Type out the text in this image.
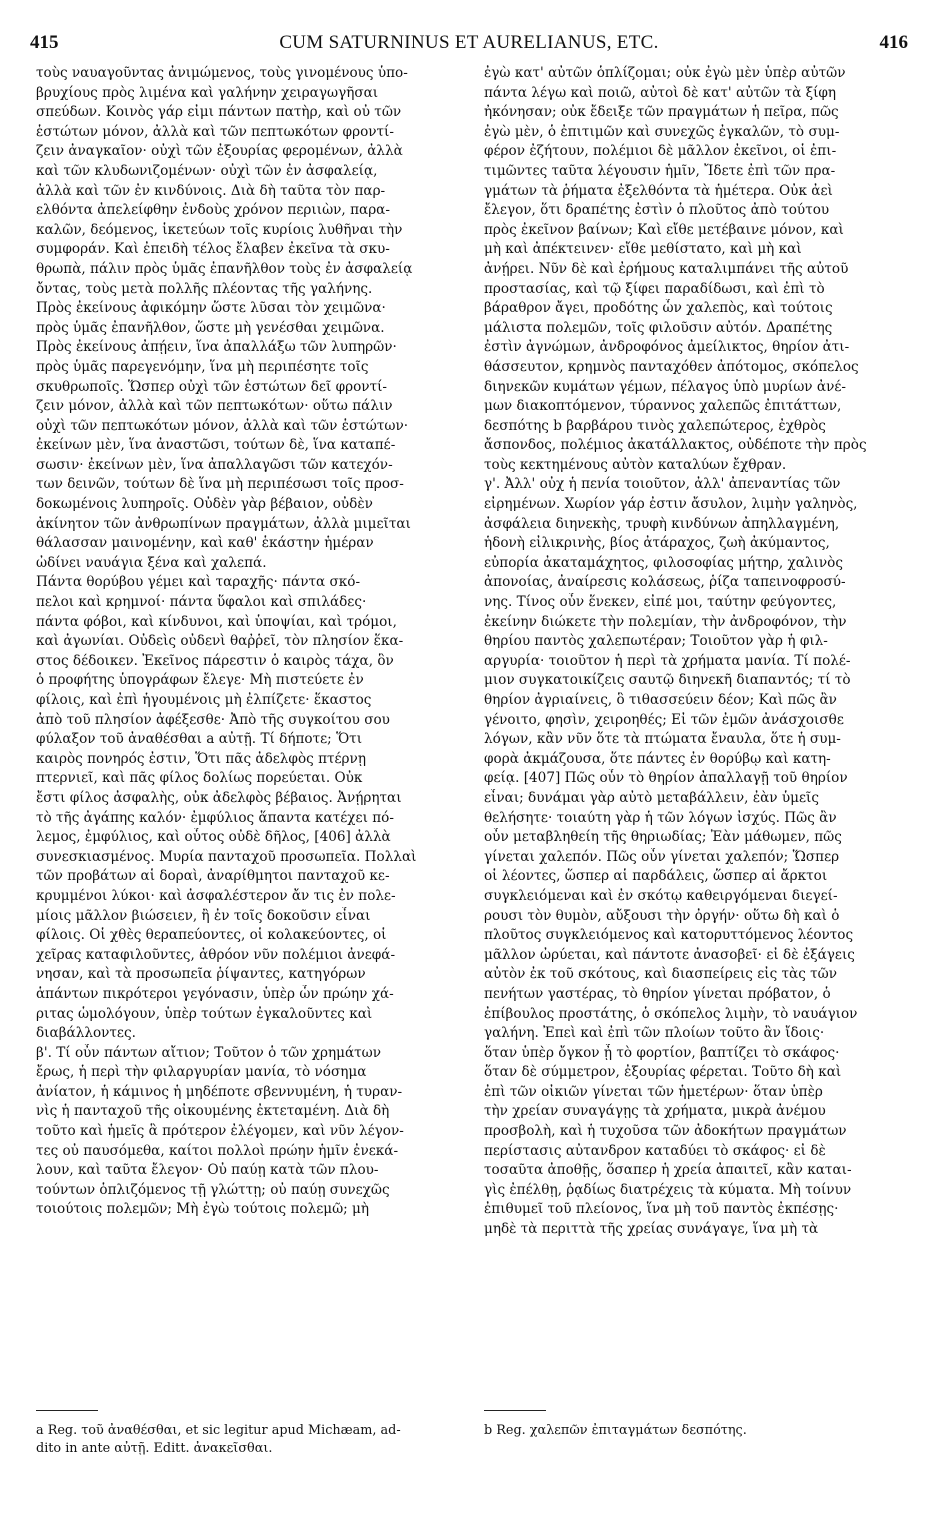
415	CUM SATURNINUS ET AURELIANUS, ETC.	416
τοὺς ναυαγοῦντας ἀνιμώμενος, τοὺς γινομένους ὑπο-
βρυχίους πρὸς λιμένα καὶ γαλήνην χειραγωγῆσαι
σπεύδων. Κοινὸς γάρ εἰμι πάντων πατὴρ, καὶ οὐ τῶν
ἑστώτων μόνον, ἀλλὰ καὶ τῶν πεπτωκότων φροντί-
ζειν ἀναγκαῖον· οὐχὶ τῶν ἐξουρίας φερομένων, ἀλλὰ
καὶ τῶν κλυδωνιζομένων· οὐχὶ τῶν ἐν ἀσφαλείᾳ,
ἀλλὰ καὶ τῶν ἐν κινδύνοις. Διὰ δὴ ταῦτα τὸν παρ-
ελθόντα ἀπελείφθην ἐνδοὺς χρόνον περιιὼν, παρα-
καλῶν, δεόμενος, ἱκετεύων τοῖς κυρίοις λυθῆναι τὴν
συμφοράν. Καὶ ἐπειδὴ τέλος ἔλαβεν ἐκεῖνα τὰ σκυ-
θρωπὰ, πάλιν πρὸς ὑμᾶς ἐπανῆλθον τοὺς ἐν ἀσφαλείᾳ
ὄντας, τοὺς μετὰ πολλῆς πλέοντας τῆς γαλήνης.
Πρὸς ἐκείνους ἀφικόμην ὥστε λῦσαι τὸν χειμῶνα·
πρὸς ὑμᾶς ἐπανῆλθον, ὥστε μὴ γενέσθαι χειμῶνα.
Πρὸς ἐκείνους ἀπῄειν, ἵνα ἀπαλλάξω τῶν λυπηρῶν·
πρὸς ὑμᾶς παρεγενόμην, ἵνα μὴ περιπέσητε τοῖς
σκυθρωποῖς. Ὥσπερ οὐχὶ τῶν ἑστώτων δεῖ φροντί-
ζειν μόνον, ἀλλὰ καὶ τῶν πεπτωκότων· οὕτω πάλιν
οὐχὶ τῶν πεπτωκότων μόνον, ἀλλὰ καὶ τῶν ἑστώτων·
ἐκείνων μὲν, ἵνα ἀναστῶσι, τούτων δὲ, ἵνα καταπέ-
σωσιν· ἐκείνων μὲν, ἵνα ἀπαλλαγῶσι τῶν κατεχόν-
των δεινῶν, τούτων δὲ ἵνα μὴ περιπέσωσι τοῖς προσ-
δοκωμένοις λυπηροῖς. Οὐδὲν γὰρ βέβαιον, οὐδὲν
ἀκίνητον τῶν ἀνθρωπίνων πραγμάτων, ἀλλὰ μιμεῖται
θάλασσαν μαινομένην, καὶ καθ' ἑκάστην ἡμέραν
ὠδίνει ναυάγια ξένα καὶ χαλεπά.
Πάντα θορύβου γέμει καὶ ταραχῆς· πάντα σκό-
πελοι καὶ κρημνοί· πάντα ὕφαλοι καὶ σπιλάδες·
πάντα φόβοι, καὶ κίνδυνοι, καὶ ὑποψίαι, καὶ τρόμοι,
καὶ ἀγωνίαι. Οὐδεὶς οὐδενὶ θαῤῥεῖ, τὸν πλησίον ἕκα-
στος δέδοικεν. Ἐκεῖνος πάρεστιν ὁ καιρὸς τάχα, ὃν
ὁ προφήτης ὑπογράφων ἔλεγε· Μὴ πιστεύετε ἐν
φίλοις, καὶ ἐπὶ ἡγουμένοις μὴ ἐλπίζετε· ἕκαστος
ἀπὸ τοῦ πλησίον ἀφέξεσθε· Ἀπὸ τῆς συγκοίτου σου
φύλαξον τοῦ ἀναθέσθαι a αὐτῇ. Τί δήποτε; Ὅτι
καιρὸς πονηρός ἐστιν, Ὅτι πᾶς ἀδελφὸς πτέρνῃ
πτερνιεῖ, καὶ πᾶς φίλος δολίως πορεύεται. Οὐκ
ἔστι φίλος ἀσφαλὴς, οὐκ ἀδελφὸς βέβαιος. Ἀνῄρηται
τὸ τῆς ἀγάπης καλόν· ἐμφύλιος ἅπαντα κατέχει πό-
λεμος, ἐμφύλιος, καὶ οὗτος οὐδὲ δῆλος, [406] ἀλλὰ
συνεσκιασμένος. Μυρία πανταχοῦ προσωπεῖα. Πολλαὶ
τῶν προβάτων αἱ δοραὶ, ἀναρίθμητοι πανταχοῦ κε-
κρυμμένοι λύκοι· καὶ ἀσφαλέστερον ἄν τις ἐν πολε-
μίοις μᾶλλον βιώσειεν, ἢ ἐν τοῖς δοκοῦσιν εἶναι
φίλοις. Οἱ χθὲς θεραπεύοντες, οἱ κολακεύοντες, οἱ
χεῖρας καταφιλοῦντες, ἀθρόον νῦν πολέμιοι ἀνεφά-
νησαν, καὶ τὰ προσωπεῖα ῥίψαντες, κατηγόρων
ἁπάντων πικρότεροι γεγόνασιν, ὑπὲρ ὧν πρώην χά-
ριτας ὡμολόγουν, ὑπὲρ τούτων ἐγκαλοῦντες καὶ
διαβάλλοντες.
β'. Τί οὖν πάντων αἴτιον; Τοῦτον ὁ τῶν χρημάτων
ἔρως, ἡ περὶ τὴν φιλαργυρίαν μανία, τὸ νόσημα
ἀνίατον, ἡ κάμινος ἡ μηδέποτε σβεννυμένη, ἡ τυραν-
νὶς ἡ πανταχοῦ τῆς οἰκουμένης ἐκτεταμένη. Διὰ δὴ
τοῦτο καὶ ἡμεῖς ἃ πρότερον ἐλέγομεν, καὶ νῦν λέγον-
τες οὐ παυσόμεθα, καίτοι πολλοὶ πρώην ἡμῖν ἐνεκά-
λουν, καὶ ταῦτα ἔλεγον· Οὐ παύῃ κατὰ τῶν πλου-
τούντων ὁπλιζόμενος τῇ γλώττῃ; οὐ παύῃ συνεχῶς
τοιούτοις πολεμῶν; Μὴ ἐγὼ τούτοις πολεμῶ; μὴ
ἐγὼ κατ' αὐτῶν ὁπλίζομαι; οὐκ ἐγὼ μὲν ὑπὲρ αὐτῶν
πάντα λέγω καὶ ποιῶ, αὐτοὶ δὲ κατ' αὐτῶν τὰ ξίφη
ἠκόνησαν; οὐκ ἔδειξε τῶν πραγμάτων ἡ πεῖρα, πῶς
ἐγὼ μὲν, ὁ ἐπιτιμῶν καὶ συνεχῶς ἐγκαλῶν, τὸ συμ-
φέρον ἐζήτουν, πολέμιοι δὲ μᾶλλον ἐκεῖνοι, οἱ ἐπι-
τιμῶντες ταῦτα λέγουσιν ἡμῖν, Ἴδετε ἐπὶ τῶν πρα-
γμάτων τὰ ῥήματα ἐξελθόντα τὰ ἡμέτερα. Οὐκ ἀεὶ
ἔλεγον, ὅτι δραπέτης ἐστὶν ὁ πλοῦτος ἀπὸ τούτου
πρὸς ἐκεῖνον βαίνων; Καὶ εἴθε μετέβαινε μόνον, καὶ
μὴ καὶ ἀπέκτεινεν· εἴθε μεθίστατο, καὶ μὴ καὶ
ἀνῄρει. Νῦν δὲ καὶ ἐρήμους καταλιμπάνει τῆς αὐτοῦ
προστασίας, καὶ τῷ ξίφει παραδίδωσι, καὶ ἐπὶ τὸ
βάραθρον ἄγει, προδότης ὧν χαλεπὸς, καὶ τούτοις
μάλιστα πολεμῶν, τοῖς φιλοῦσιν αὐτόν. Δραπέτης
ἐστὶν ἀγνώμων, ἀνδροφόνος ἀμείλικτος, θηρίον ἀτι-
θάσσευτον, κρημνὸς πανταχόθεν ἀπότομος, σκόπελος
διηνεκῶν κυμάτων γέμων, πέλαγος ὑπὸ μυρίων ἀνέ-
μων διακοπτόμενον, τύραννος χαλεπῶς ἐπιτάττων,
δεσπότης b βαρβάρου τινὸς χαλεπώτερος, ἐχθρὸς
ἄσπονδος, πολέμιος ἀκατάλλακτος, οὐδέποτε τὴν πρὸς
τοὺς κεκτημένους αὐτὸν καταλύων ἔχθραν.
γ'. Ἀλλ' οὐχ ἡ πενία τοιοῦτον, ἀλλ' ἀπεναντίας τῶν
εἰρημένων. Χωρίον γάρ ἐστιν ἄσυλον, λιμὴν γαληνὸς,
ἀσφάλεια διηνεκὴς, τρυφὴ κινδύνων ἀπηλλαγμένη,
ἡδονὴ εἰλικρινὴς, βίος ἀτάραχος, ζωὴ ἀκύμαντος,
εὐπορία ἀκαταμάχητος, φιλοσοφίας μήτηρ, χαλινὸς
ἀπονοίας, ἀναίρεσις κολάσεως, ῥίζα ταπεινοφροσύ-
νης. Τίνος οὖν ἕνεκεν, εἰπέ μοι, ταύτην φεύγοντες,
ἐκείνην διώκετε τὴν πολεμίαν, τὴν ἀνδροφόνον, τὴν
θηρίου παντὸς χαλεπωτέραν; Τοιοῦτον γὰρ ἡ φιλ-
αργυρία· τοιοῦτον ἡ περὶ τὰ χρήματα μανία. Τί πολέ-
μιον συγκατοικίζεις σαυτῷ διηνεκῆ διαπαντός; τί τὸ
θηρίον ἀγριαίνεις, ὃ τιθασσεύειν δέον; Καὶ πῶς ἂν
γένοιτο, φησὶν, χειροηθές; Εἰ τῶν ἐμῶν ἀνάσχοισθε
λόγων, κἂν νῦν ὅτε τὰ πτώματα ἔναυλα, ὅτε ἡ συμ-
φορὰ ἀκμάζουσα, ὅτε πάντες ἐν θορύβῳ καὶ κατη-
φείᾳ. [407] Πῶς οὖν τὸ θηρίον ἀπαλλαγῇ τοῦ θηρίον
εἶναι; δυνάμαι γὰρ αὐτὸ μεταβάλλειν, ἐὰν ὑμεῖς
θελήσητε· τοιαύτη γὰρ ἡ τῶν λόγων ἰσχύς. Πῶς ἂν
οὖν μεταβληθείη τῆς θηριωδίας; Ἐὰν μάθωμεν, πῶς
γίνεται χαλεπόν. Πῶς οὖν γίνεται χαλεπόν; Ὥσπερ
οἱ λέοντες, ὥσπερ αἱ παρδάλεις, ὥσπερ αἱ ἄρκτοι
συγκλειόμεναι καὶ ἐν σκότῳ καθειργόμεναι διεγεί-
ρουσι τὸν θυμὸν, αὔξουσι τὴν ὀργήν· οὕτω δὴ καὶ ὁ
πλοῦτος συγκλειόμενος καὶ κατορυττόμενος λέοντος
μᾶλλον ὠρύεται, καὶ πάντοτε ἀνασοβεῖ· εἰ δὲ ἐξάγεις
αὐτὸν ἐκ τοῦ σκότους, καὶ διασπείρεις εἰς τὰς τῶν
πενήτων γαστέρας, τὸ θηρίον γίνεται πρόβατον, ὁ
ἐπίβουλος προστάτης, ὁ σκόπελος λιμὴν, τὸ ναυάγιον
γαλήνη. Ἐπεὶ καὶ ἐπὶ τῶν πλοίων τοῦτο ἂν ἴδοις·
ὅταν ὑπὲρ ὄγκον ᾖ τὸ φορτίον, βαπτίζει τὸ σκάφος·
ὅταν δὲ σύμμετρον, ἐξουρίας φέρεται. Τοῦτο δὴ καὶ
ἐπὶ τῶν οἰκιῶν γίνεται τῶν ἡμετέρων· ὅταν ὑπὲρ
τὴν χρείαν συναγάγῃς τὰ χρήματα, μικρὰ ἀνέμου
προσβολὴ, καὶ ἡ τυχοῦσα τῶν ἀδοκήτων πραγμάτων
περίστασις αὐτανδρον καταδύει τὸ σκάφος· εἰ δὲ
τοσαῦτα ἀποθῇς, ὅσαπερ ἡ χρεία ἀπαιτεῖ, κἂν καται-
γὶς ἐπέλθῃ, ῥᾳδίως διατρέχεις τὰ κύματα. Μὴ τοίνυν
ἐπιθυμεῖ τοῦ πλείονος, ἵνα μὴ τοῦ παντὸς ἐκπέσῃς·
μηδὲ τὰ περιττὰ τῆς χρείας συνάγαγε, ἵνα μὴ τὰ
a Reg. τοῦ ἀναθέσθαι, et sic legitur apud Michæam, ad-
dito in ante αὐτῇ. Editt. ἀνακεῖσθαι.
b Reg. χαλεπῶν ἐπιταγμάτων δεσπότης.
